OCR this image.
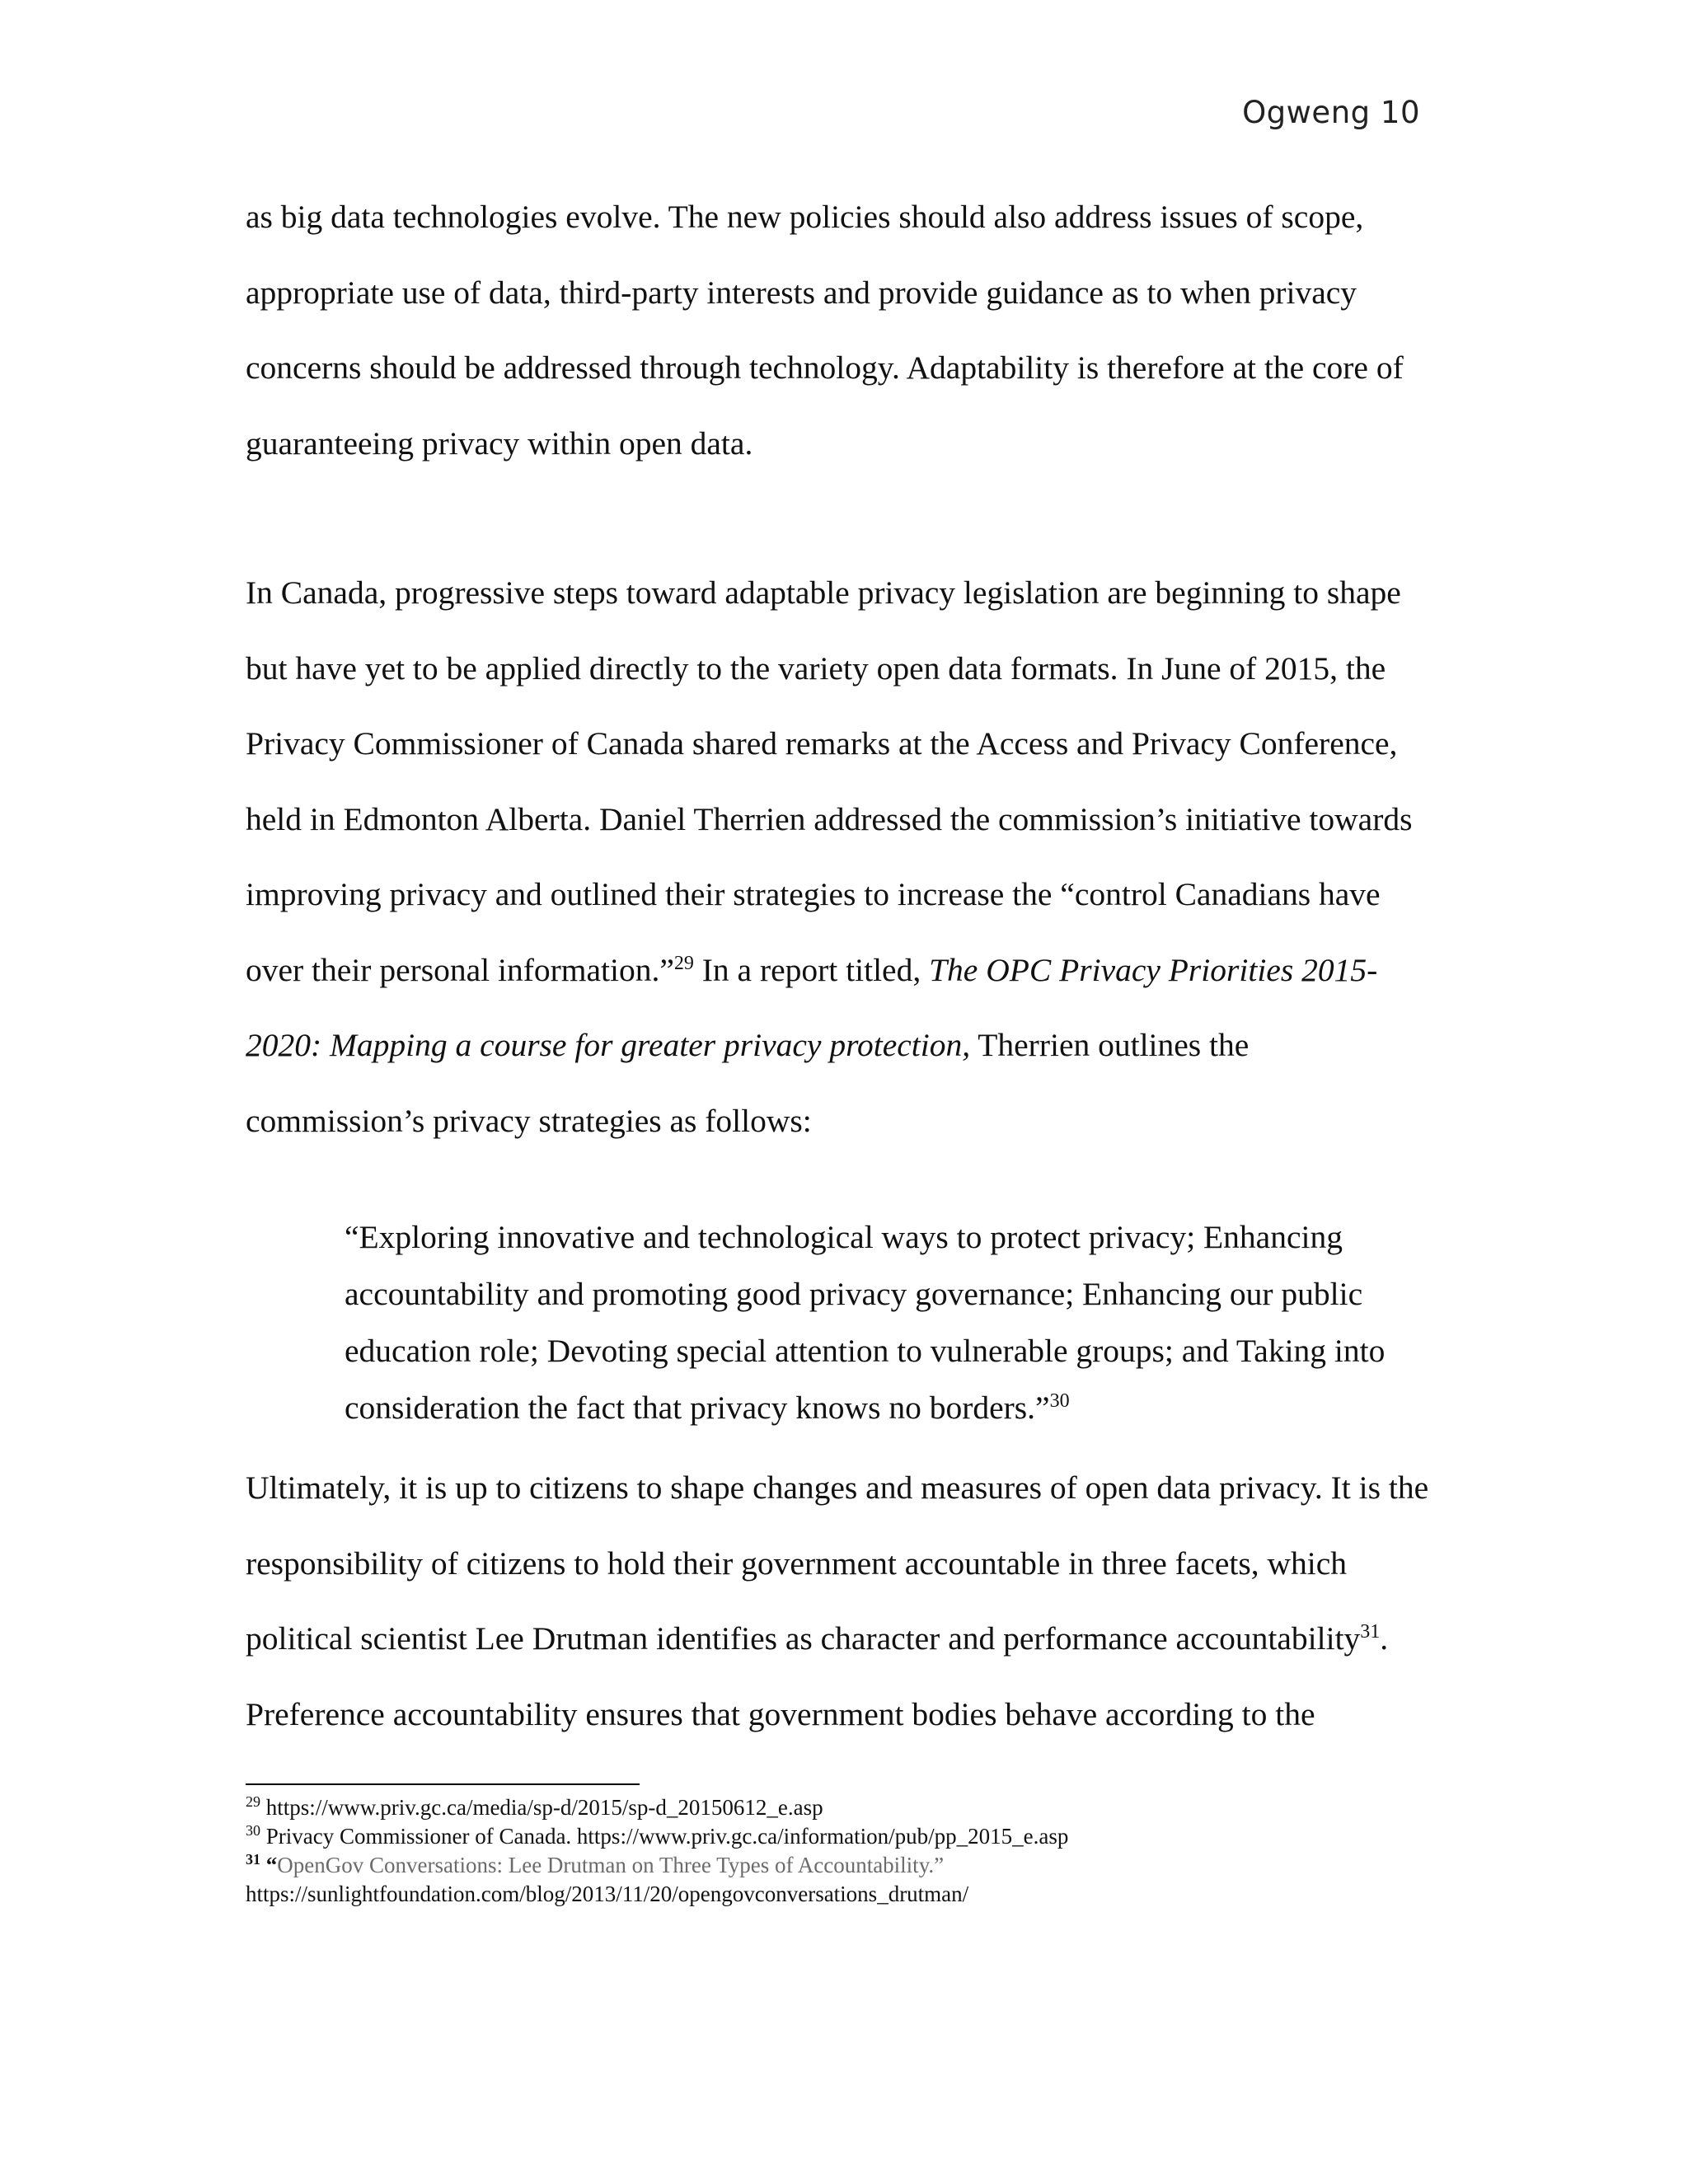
Ogweng 10

as big data technologies evolve. The new policies should also address issues of scope, appropriate use of data, third-party interests and provide guidance as to when privacy concerns should be addressed through technology. Adaptability is therefore at the core of guaranteeing privacy within open data.

In Canada, progressive steps toward adaptable privacy legislation are beginning to shape but have yet to be applied directly to the variety open data formats. In June of 2015, the Privacy Commissioner of Canada shared remarks at the Access and Privacy Conference, held in Edmonton Alberta. Daniel Therrien addressed the commission’s initiative towards improving privacy and outlined their strategies to increase the “control Canadians have over their personal information.”$^{29}$ In a report titled, The OPC Privacy Priorities 2015-2020: Mapping a course for greater privacy protection, Therrien outlines the commission’s privacy strategies as follows:

“Exploring innovative and technological ways to protect privacy; Enhancing accountability and promoting good privacy governance; Enhancing our public education role; Devoting special attention to vulnerable groups; and Taking into consideration the fact that privacy knows no borders.”$^{30}$

Ultimately, it is up to citizens to shape changes and measures of open data privacy. It is the responsibility of citizens to hold their government accountable in three facets, which political scientist Lee Drutman identifies as character and performance accountability$^{31}$. Preference accountability ensures that government bodies behave according to the

$^{29}$ https://www.priv.gc.ca/media/sp-d/2015/sp-d_20150612_e.asp

$^{30}$ Privacy Commissioner of Canada. https://www.priv.gc.ca/information/pub/pp_2015_e.asp

$^{31}$ “OpenGov Conversations: Lee Drutman on Three Types of Accountability.”

https://sunlightfoundation.com/blog/2013/11/20/opengovconversations_drutman/
